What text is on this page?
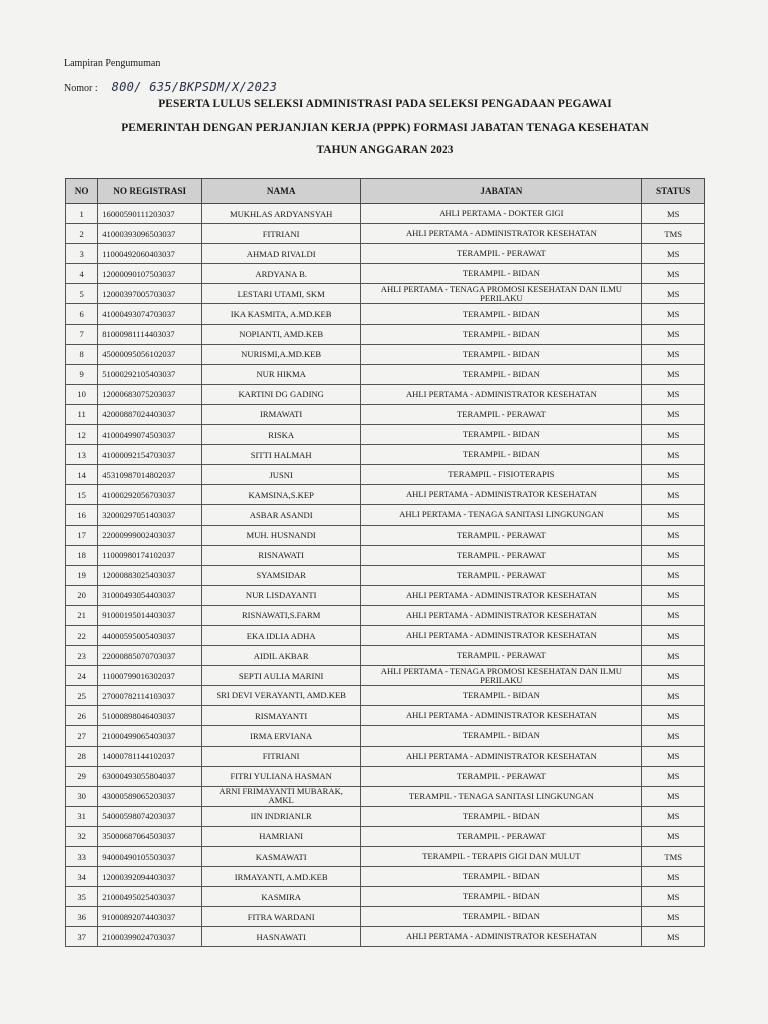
Lampiran Pengumuman
Nomor : 800/ 635/BKPSDM/X/2023
PESERTA LULUS SELEKSI ADMINISTRASI PADA SELEKSI PENGADAAN PEGAWAI
PEMERINTAH DENGAN PERJANJIAN KERJA (PPPK) FORMASI JABATAN TENAGA KESEHATAN
TAHUN ANGGARAN 2023
NO	NO REGISTRASI	NAMA	JABATAN	STATUS
1	16000590111203037	MUKHLAS ARDYANSYAH	AHLI PERTAMA - DOKTER GIGI	MS
2	41000393096503037	FITRIANI	AHLI PERTAMA - ADMINISTRATOR KESEHATAN	TMS
3	11000492060403037	AHMAD RIVALDI	TERAMPIL - PERAWAT	MS
4	12000090107503037	ARDYANA B.	TERAMPIL - BIDAN	MS
5	12000397005703037	LESTARI UTAMI, SKM	AHLI PERTAMA - TENAGA PROMOSI KESEHATAN DAN ILMU PERILAKU	MS
6	41000493074703037	IKA KASMITA, A.MD.KEB	TERAMPIL - BIDAN	MS
7	81000981114403037	NOPIANTI, AMD.KEB	TERAMPIL - BIDAN	MS
8	45000095056102037	NURISMI,A.MD.KEB	TERAMPIL - BIDAN	MS
9	51000292105403037	NUR HIKMA	TERAMPIL - BIDAN	MS
10	12000683075203037	KARTINI DG GADING	AHLI PERTAMA - ADMINISTRATOR KESEHATAN	MS
11	42000887024403037	IRMAWATI	TERAMPIL - PERAWAT	MS
12	41000499074503037	RISKA	TERAMPIL - BIDAN	MS
13	41000092154703037	SITTI HALMAH	TERAMPIL - BIDAN	MS
14	45310987014802037	JUSNI	TERAMPIL - FISIOTERAPIS	MS
15	41000292056703037	KAMSINA,S.KEP	AHLI PERTAMA - ADMINISTRATOR KESEHATAN	MS
16	32000297051403037	ASBAR ASANDI	AHLI PERTAMA - TENAGA SANITASI LINGKUNGAN	MS
17	22000999002403037	MUH. HUSNANDI	TERAMPIL - PERAWAT	MS
18	11000980174102037	RISNAWATI	TERAMPIL - PERAWAT	MS
19	12000883025403037	SYAMSIDAR	TERAMPIL - PERAWAT	MS
20	31000493054403037	NUR LISDAYANTI	AHLI PERTAMA - ADMINISTRATOR KESEHATAN	MS
21	91000195014403037	RISNAWATI,S.FARM	AHLI PERTAMA - ADMINISTRATOR KESEHATAN	MS
22	44000595005403037	EKA IDLIA ADHA	AHLI PERTAMA - ADMINISTRATOR KESEHATAN	MS
23	22000885070703037	AIDIL AKBAR	TERAMPIL - PERAWAT	MS
24	11000799016302037	SEPTI AULIA MARINI	AHLI PERTAMA - TENAGA PROMOSI KESEHATAN DAN ILMU PERILAKU	MS
25	27000782114103037	SRI DEVI VERAYANTI, AMD.KEB	TERAMPIL - BIDAN	MS
26	51000898046403037	RISMAYANTI	AHLI PERTAMA - ADMINISTRATOR KESEHATAN	MS
27	21000499065403037	IRMA ERVIANA	TERAMPIL - BIDAN	MS
28	14000781144102037	FITRIANI	AHLI PERTAMA - ADMINISTRATOR KESEHATAN	MS
29	63000493055804037	FITRI YULIANA HASMAN	TERAMPIL - PERAWAT	MS
30	43000589065203037	ARNI FRIMAYANTI MUBARAK, AMKL	TERAMPIL - TENAGA SANITASI LINGKUNGAN	MS
31	54000598074203037	IIN INDRIANI.R	TERAMPIL - BIDAN	MS
32	35000687064503037	HAMRIANI	TERAMPIL - PERAWAT	MS
33	94000490105503037	KASMAWATI	TERAMPIL - TERAPIS GIGI DAN MULUT	TMS
34	12000392094403037	IRMAYANTI, A.MD.KEB	TERAMPIL - BIDAN	MS
35	21000495025403037	KASMIRA	TERAMPIL - BIDAN	MS
36	91000892074403037	FITRA WARDANI	TERAMPIL - BIDAN	MS
37	21000399024703037	HASNAWATI	AHLI PERTAMA - ADMINISTRATOR KESEHATAN	MS
